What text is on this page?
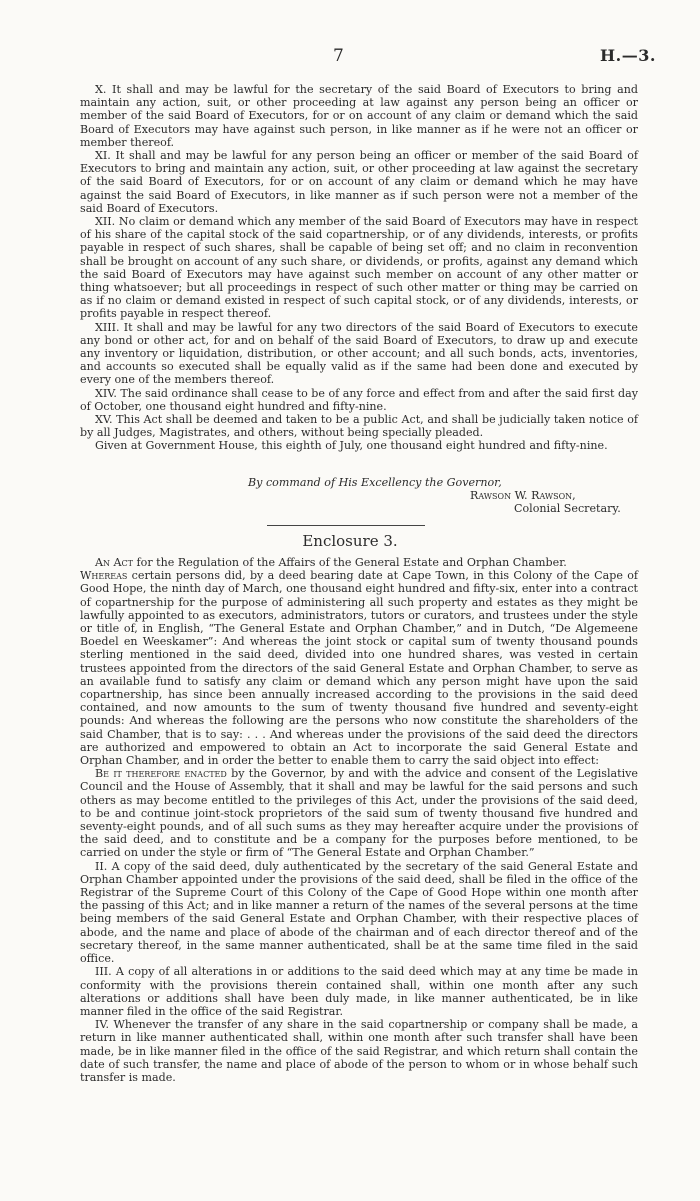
7	H.—3.

X. It shall and may be lawful for the secretary of the said Board of Executors to bring and maintain any action, suit, or other proceeding at law against any person being an officer or member of the said Board of Executors, for or on account of any claim or demand which the said Board of Executors may have against such person, in like manner as if he were not an officer or member thereof.

XI. It shall and may be lawful for any person being an officer or member of the said Board of Executors to bring and maintain any action, suit, or other proceeding at law against the secretary of the said Board of Executors, for or on account of any claim or demand which he may have against the said Board of Executors, in like manner as if such person were not a member of the said Board of Executors.

XII. No claim or demand which any member of the said Board of Executors may have in respect of his share of the capital stock of the said copartnership, or of any dividends, interests, or profits payable in respect of such shares, shall be capable of being set off; and no claim in reconvention shall be brought on account of any such share, or dividends, or profits, against any demand which the said Board of Executors may have against such member on account of any other matter or thing whatsoever; but all proceedings in respect of such other matter or thing may be carried on as if no claim or demand existed in respect of such capital stock, or of any dividends, interests, or profits payable in respect thereof.

XIII. It shall and may be lawful for any two directors of the said Board of Executors to execute any bond or other act, for and on behalf of the said Board of Executors, to draw up and execute any inventory or liquidation, distribution, or other account; and all such bonds, acts, inventories, and accounts so executed shall be equally valid as if the same had been done and executed by every one of the members thereof.

XIV. The said ordinance shall cease to be of any force and effect from and after the said first day of October, one thousand eight hundred and fifty-nine.

XV. This Act shall be deemed and taken to be a public Act, and shall be judicially taken notice of by all Judges, Magistrates, and others, without being specially pleaded.

Given at Government House, this eighth of July, one thousand eight hundred and fifty-nine.

By command of His Excellency the Governor,
Rawson W. Rawson,
Colonial Secretary.
Enclosure 3.

An Act for the Regulation of the Affairs of the General Estate and Orphan Chamber.

Whereas certain persons did, by a deed bearing date at Cape Town, in this Colony of the Cape of Good Hope, the ninth day of March, one thousand eight hundred and fifty-six, enter into a contract of copartnership for the purpose of administering all such property and estates as they might be lawfully appointed to as executors, administrators, tutors or curators, and trustees under the style or title of, in English, “The General Estate and Orphan Chamber,” and in Dutch, “De Algemeene Boedel en Weeskamer”: And whereas the joint stock or capital sum of twenty thousand pounds sterling mentioned in the said deed, divided into one hundred shares, was vested in certain trustees appointed from the directors of the said General Estate and Orphan Chamber, to serve as an available fund to satisfy any claim or demand which any person might have upon the said copartnership, has since been annually increased according to the provisions in the said deed contained, and now amounts to the sum of twenty thousand five hundred and seventy-eight pounds: And whereas the following are the persons who now constitute the shareholders of the said Chamber, that is to say: . . . And whereas under the provisions of the said deed the directors are authorized and empowered to obtain an Act to incorporate the said General Estate and Orphan Chamber, and in order the better to enable them to carry the said object into effect:

Be it therefore enacted by the Governor, by and with the advice and consent of the Legislative Council and the House of Assembly, that it shall and may be lawful for the said persons and such others as may become entitled to the privileges of this Act, under the provisions of the said deed, to be and continue joint-stock proprietors of the said sum of twenty thousand five hundred and seventy-eight pounds, and of all such sums as they may hereafter acquire under the provisions of the said deed, and to constitute and be a company for the purposes before mentioned, to be carried on under the style or firm of “The General Estate and Orphan Chamber.”

II. A copy of the said deed, duly authenticated by the secretary of the said General Estate and Orphan Chamber appointed under the provisions of the said deed, shall be filed in the office of the Registrar of the Supreme Court of this Colony of the Cape of Good Hope within one month after the passing of this Act; and in like manner a return of the names of the several persons at the time being members of the said General Estate and Orphan Chamber, with their respective places of abode, and the name and place of abode of the chairman and of each director thereof and of the secretary thereof, in the same manner authenticated, shall be at the same time filed in the said office.

III. A copy of all alterations in or additions to the said deed which may at any time be made in conformity with the provisions therein contained shall, within one month after any such alterations or additions shall have been duly made, in like manner authenticated, be in like manner filed in the office of the said Registrar.

IV. Whenever the transfer of any share in the said copartnership or company shall be made, a return in like manner authenticated shall, within one month after such transfer shall have been made, be in like manner filed in the office of the said Registrar, and which return shall contain the date of such transfer, the name and place of abode of the person to whom or in whose behalf such transfer is made.
